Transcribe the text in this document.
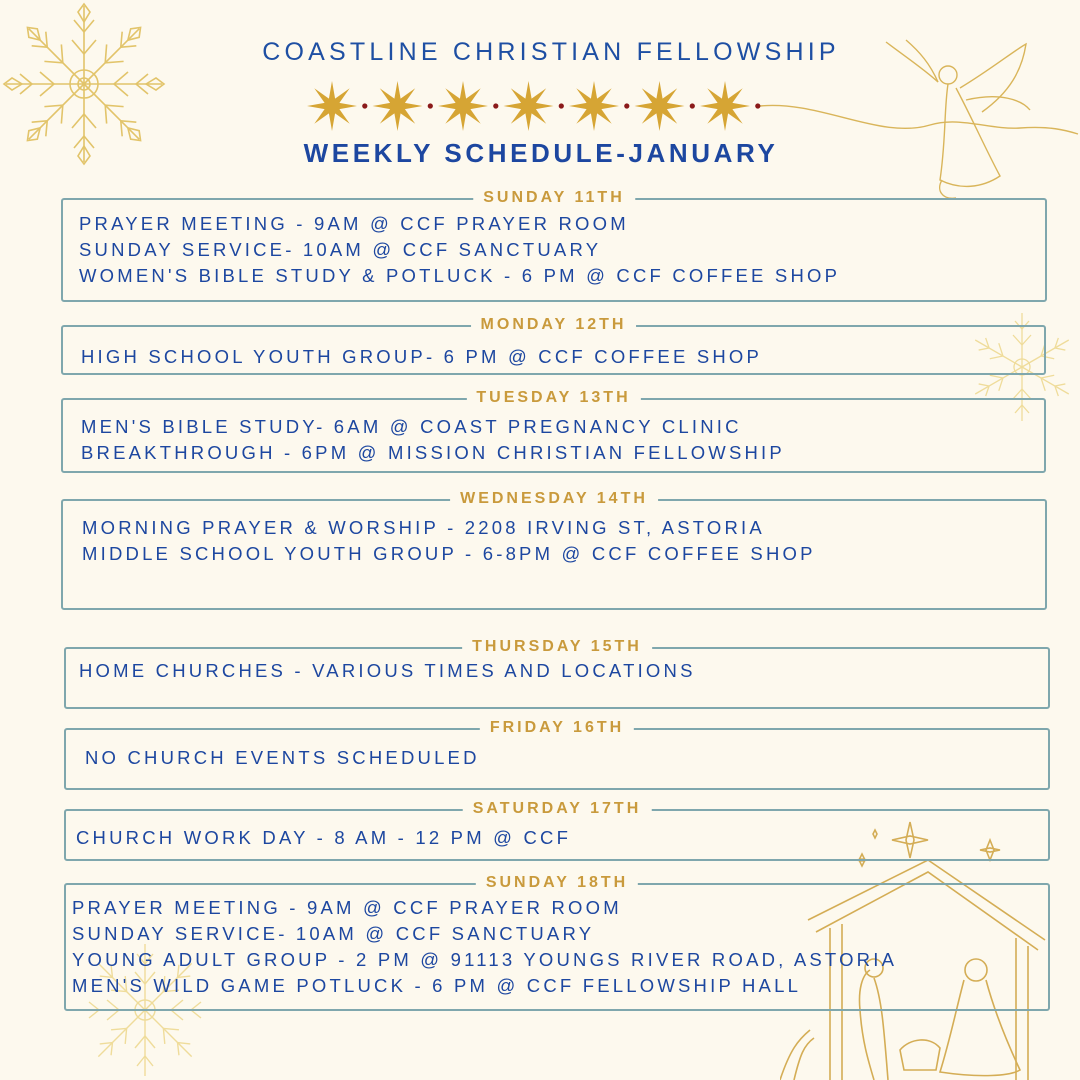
COASTLINE CHRISTIAN FELLOWSHIP
WEEKLY SCHEDULE-JANUARY
SUNDAY 11TH
PRAYER MEETING - 9AM @ CCF PRAYER ROOM
SUNDAY SERVICE- 10AM @ CCF SANCTUARY
WOMEN'S BIBLE STUDY & POTLUCK - 6 PM @ CCF COFFEE SHOP
MONDAY 12TH
HIGH SCHOOL YOUTH GROUP- 6 PM @ CCF COFFEE SHOP
TUESDAY 13TH
MEN'S BIBLE STUDY- 6AM @ COAST PREGNANCY CLINIC
BREAKTHROUGH - 6PM @ MISSION CHRISTIAN FELLOWSHIP
WEDNESDAY 14TH
MORNING PRAYER & WORSHIP - 2208 IRVING ST, ASTORIA
MIDDLE SCHOOL YOUTH GROUP - 6-8PM @ CCF COFFEE SHOP
THURSDAY 15TH
HOME CHURCHES - VARIOUS TIMES AND LOCATIONS
FRIDAY 16TH
NO CHURCH EVENTS SCHEDULED
SATURDAY 17TH
CHURCH WORK DAY - 8 AM - 12 PM @ CCF
SUNDAY 18TH
PRAYER MEETING - 9AM @ CCF PRAYER ROOM
SUNDAY SERVICE- 10AM @ CCF SANCTUARY
YOUNG ADULT GROUP - 2 PM @ 91113 YOUNGS RIVER ROAD, ASTORIA
MEN'S WILD GAME POTLUCK - 6 PM @ CCF FELLOWSHIP HALL
